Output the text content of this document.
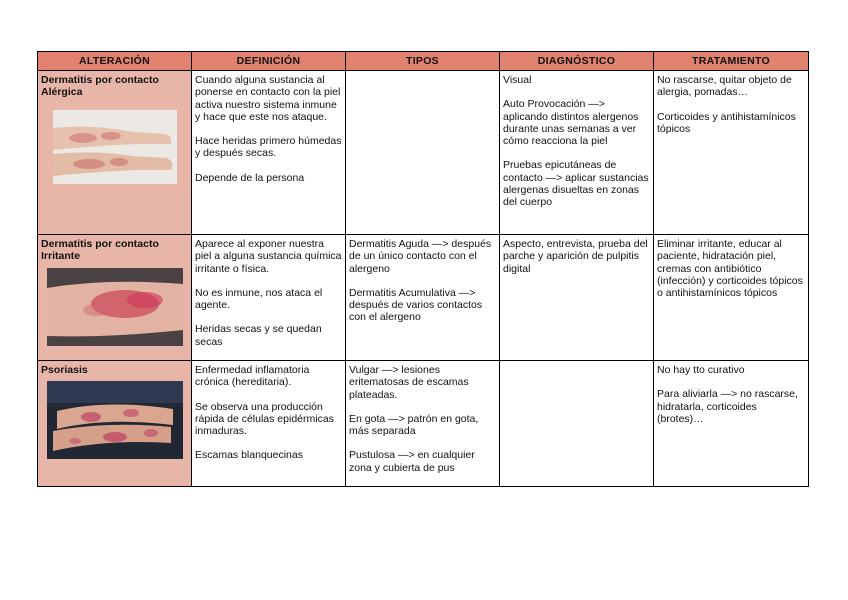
ALTERACIÓN	DEFINICIÓN	TIPOS	DIAGNÓSTICO	TRATAMIENTO

Dermatitis por contacto Alérgica	Cuando alguna sustancia al ponerse en contacto con la piel activa nuestro sistema inmune y hace que este nos ataque.
Hace heridas primero húmedas y después secas.
Depende de la persona		Visual
Auto Provocación —> aplicando distintos alergenos durante unas semanas a ver cómo reacciona la piel
Pruebas epicutáneas de contacto —> aplicar sustancias alergenas disueltas en zonas del cuerpo	No rascarse, quitar objeto de alergia, pomadas…
Corticoides y antihistamínicos tópicos

Dermatitis por contacto Irritante	Aparece al exponer nuestra piel a alguna sustancia química irritante o física.
No es inmune, nos ataca el agente.
Heridas secas y se quedan secas	Dermatitis Aguda —> después de un único contacto con el alergeno
Dermatitis Acumulativa —> después de varios contactos con el alergeno	Aspecto, entrevista, prueba del parche y aparición de pulpitis digital	Eliminar irritante, educar al paciente, hidratación piel, cremas con antibiótico (infección) y corticoides tópicos o antihistamínicos tópicos

Psoriasis	Enfermedad inflamatoria crónica (hereditaria).
Se observa una producción rápida de células epidérmicas inmaduras.
Escamas blanquecinas	Vulgar —> lesiones eritematosas de escamas plateadas.
En gota —> patrón en gota, más separada
Pustulosa —> en cualquier zona y cubierta de pus		No hay tto curativo
Para aliviarla —> no rascarse, hidratarla, corticoides (brotes)…
